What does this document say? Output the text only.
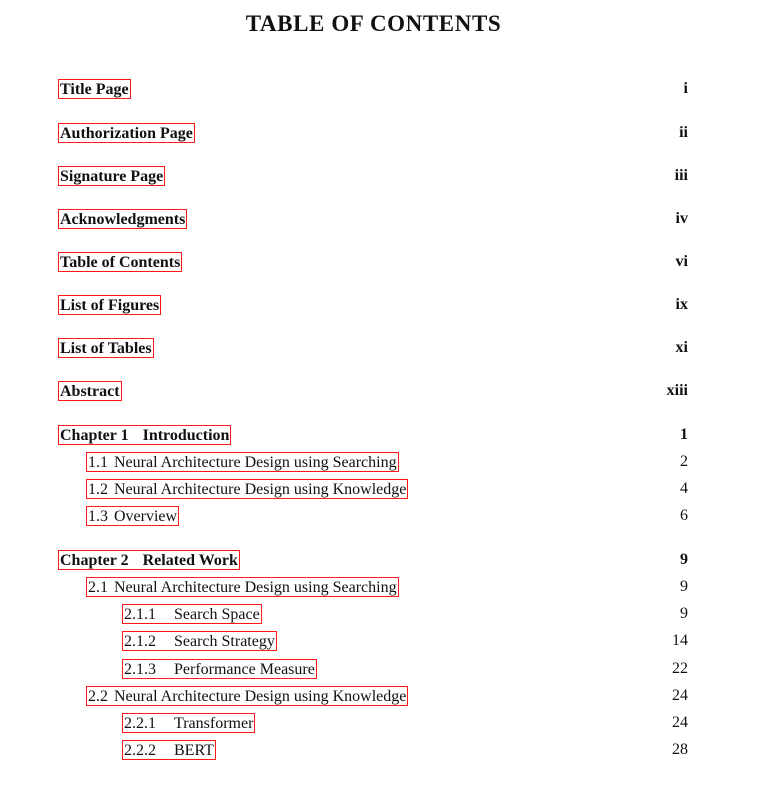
TABLE OF CONTENTS
Title Page	i
Authorization Page	ii
Signature Page	iii
Acknowledgments	iv
Table of Contents	vi
List of Figures	ix
List of Tables	xi
Abstract	xiii
Chapter 1 Introduction	1
1.1 Neural Architecture Design using Searching	2
1.2 Neural Architecture Design using Knowledge	4
1.3 Overview	6
Chapter 2 Related Work	9
2.1 Neural Architecture Design using Searching	9
2.1.1 Search Space	9
2.1.2 Search Strategy	14
2.1.3 Performance Measure	22
2.2 Neural Architecture Design using Knowledge	24
2.2.1 Transformer	24
2.2.2 BERT	28
